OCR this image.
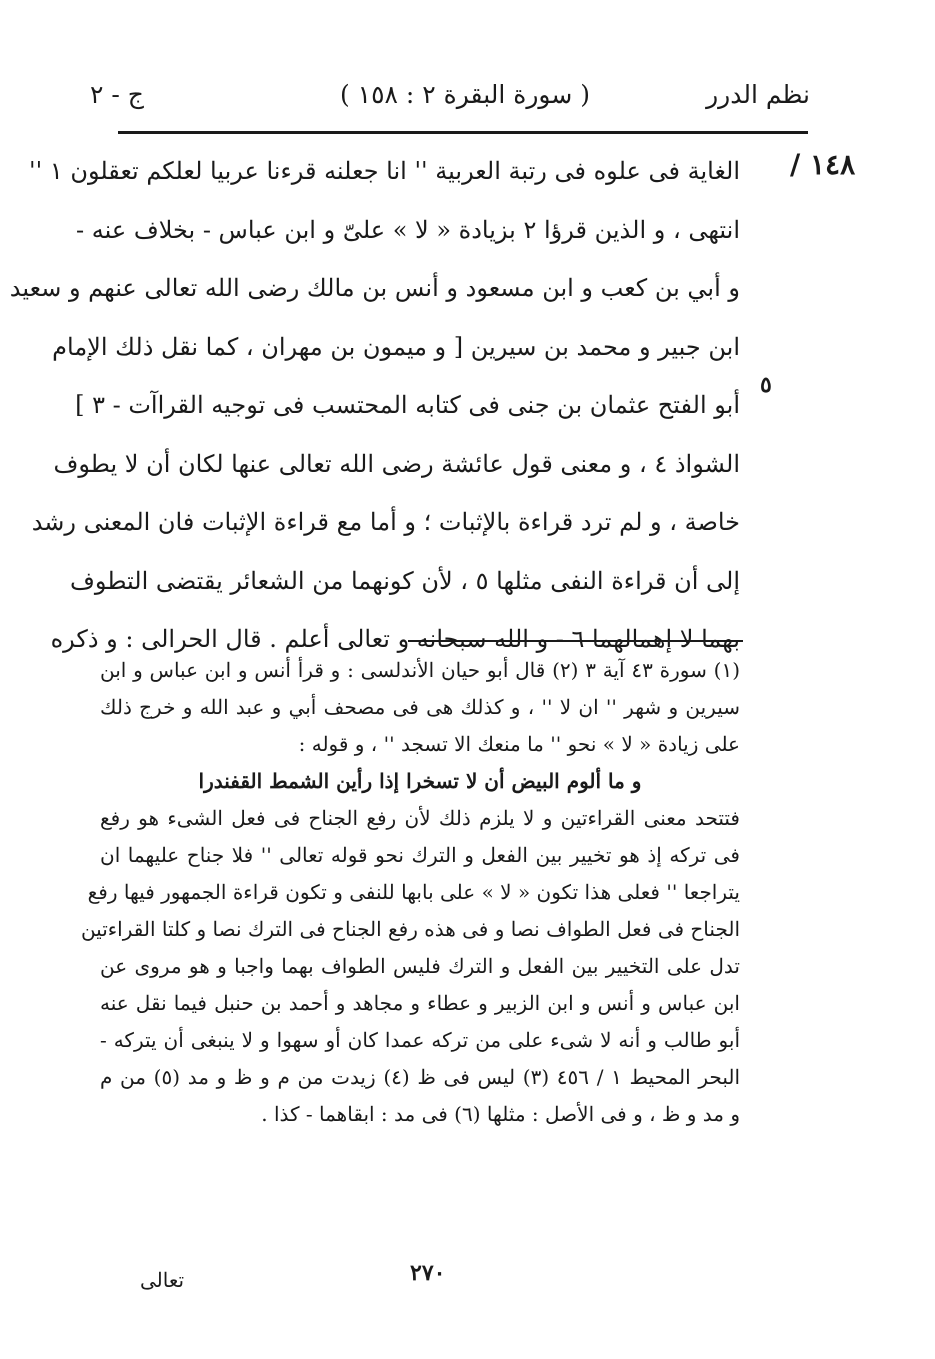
نظم الدرر
( سورة البقرة ٢ : ١٥٨ )
ج - ٢
١٤٨ /
٥
الغاية فى علوه فى رتبة العربية '' انا جعلنه قرءنا عربيا لعلكم تعقلون ١ ''
انتهى ، و الذين قرؤا ٢ بزيادة « لا » علیّ و ابن عباس - بخلاف عنه -
و أبي بن كعب و ابن مسعود و أنس بن مالك رضى الله تعالى عنهم و سعيد
ابن جبير و محمد بن سيرين [ و ميمون بن مهران ، كما نقل ذلك الإمام
أبو الفتح عثمان بن جنى فى كتابه المحتسب فى توجيه القراآت - ٣ ]
الشواذ ٤ ، و معنى قول عائشة رضى الله تعالى عنها لكان أن لا يطوف
خاصة ، و لم ترد قراءة بالإثبات ؛ و أما مع قراءة الإثبات فان المعنى رشد
إلى أن قراءة النفى مثلها ٥ ، لأن كونهما من الشعائر يقتضى التطوف
بهما لا إهمالهما ٦ - و الله سبحانه و تعالى أعلم . قال الحرالى : و ذكره
(١) سورة ٤٣ آية ٣ (٢) قال أبو حيان الأندلسى : و قرأ أنس و ابن عباس و ابن
سيرين و شهر '' ان لا '' ، و كذلك هى فى مصحف أبي و عبد الله و خرج ذلك
على زيادة « لا » نحو '' ما منعك الا تسجد '' ، و قوله :
و ما ألوم البيض أن لا تسخرا إذا رأين الشمط القفندرا
فتتحد معنى القراءتين و لا يلزم ذلك لأن رفع الجناح فى فعل الشىء هو رفع
فى تركه إذ هو تخيير بين الفعل و الترك نحو قوله تعالى '' فلا جناح عليهما ان
يتراجعا '' فعلى هذا تكون « لا » على بابها للنفى و تكون قراءة الجمهور فيها رفع
الجناح فى فعل الطواف نصا و فى هذه رفع الجناح فى الترك نصا و كلتا القراءتين
تدل على التخيير بين الفعل و الترك فليس الطواف بهما واجبا و هو مروى عن
ابن عباس و أنس و ابن الزبير و عطاء و مجاهد و أحمد بن حنبل فيما نقل عنه
أبو طالب و أنه لا شىء على من تركه عمدا كان أو سهوا و لا ينبغى أن يتركه -
البحر المحيط ١ / ٤٥٦ (٣) ليس فى ظ (٤) زيدت من م و ظ و مد (٥) من م
و مد و ظ ، و فى الأصل : مثلها (٦) فى مد : ابقاهما - كذا .
٢٧٠
تعالى
